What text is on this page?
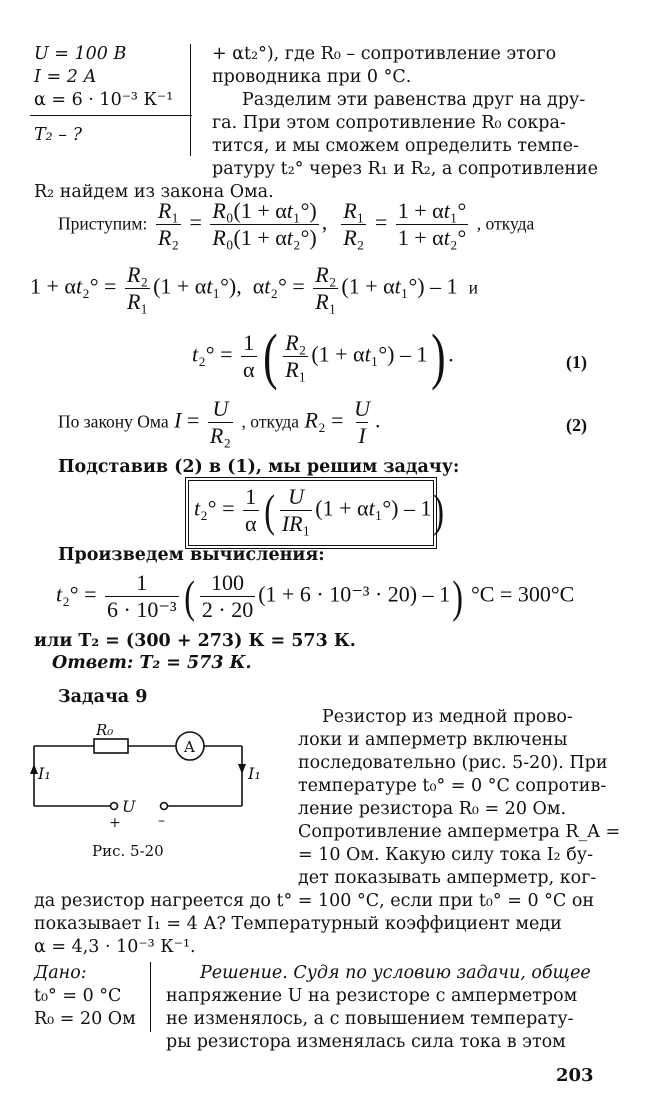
U = 100 В
I = 2 А
α = 6 · 10⁻³ К⁻¹
T₂ – ?
+ αt₂°), где R₀ – сопротивление этого
проводника при 0 °С.
Разделим эти равенства друг на дру-
га. При этом сопротивление R₀ сокра-
тится, и мы сможем определить темпе-
ратуру t₂° через R₁ и R₂, а сопротивление
R₂ найдем из закона Ома.
Приступим: $\frac{\text{R₁}}{\text{R₂}} = \frac{\text{R₀(1 + αt₁°)}}{\text{R₀(1 + αt₂°)}}$ , $\frac{\text{R₁}}{\text{R₂}} = \frac{\text{1 + αt₁°}}{\text{1 + αt₂°}}$ , откуда
$1 + \alpha t_2^\circ = \frac{\text{R₂}}{\text{R₁}} (1 + \alpha t_1^\circ)$,  $\alpha t_2^\circ = \frac{\text{R₂}}{\text{R₁}} (1 + \alpha t_1^\circ) - 1$  и
$t_2^\circ = \frac{1}{\alpha}$ ( $\frac{\text{R₂}}{\text{R₁}} (1 + \alpha t_1^\circ) - 1$) .	(1)
По закону Ома $I = \frac{U}{\text{R₂}}$ , откуда $R_2 = \frac{U}{I}$ .	(2)
Подставив (2) в (1), мы решим задачу:
$t_2^\circ = \frac{1}{\alpha}$ ( $\frac{U}{\text{IR₁}} (1 + \alpha t_1^\circ) - 1$)
Произведем вычисления:
$t_2^\circ = \frac{1}{\text{6 · 10⁻³}}$ ( $\frac{100}{2 \cdot 20} (1 + 6 \cdot 10^{-3} \cdot 20) - 1$) °С = 300°С
или T₂ = (300 + 273) К = 573 К.
Ответ: T₂ = 573 К.
Задача 9
R₀
A
I₁	I₁
U
+	–
Рис. 5-20
Резистор из медной прово-
локи и амперметр включены
последовательно (рис. 5-20). При
температуре t₀° = 0 °С сопротив-
ление резистора R₀ = 20 Ом.
Сопротивление амперметра R_A =
= 10 Ом. Какую силу тока I₂ бу-
дет показывать амперметр, ког-
да резистор нагреется до t° = 100 °С, если при t₀° = 0 °С он
показывает I₁ = 4 А? Температурный коэффициент меди
α = 4,3 · 10⁻³ К⁻¹.
Дано:
t₀° = 0 °С
R₀ = 20 Ом
Решение. Судя по условию задачи, общее
напряжение U на резисторе с амперметром
не изменялось, а с повышением температу-
ры резистора изменялась сила тока в этом
203
